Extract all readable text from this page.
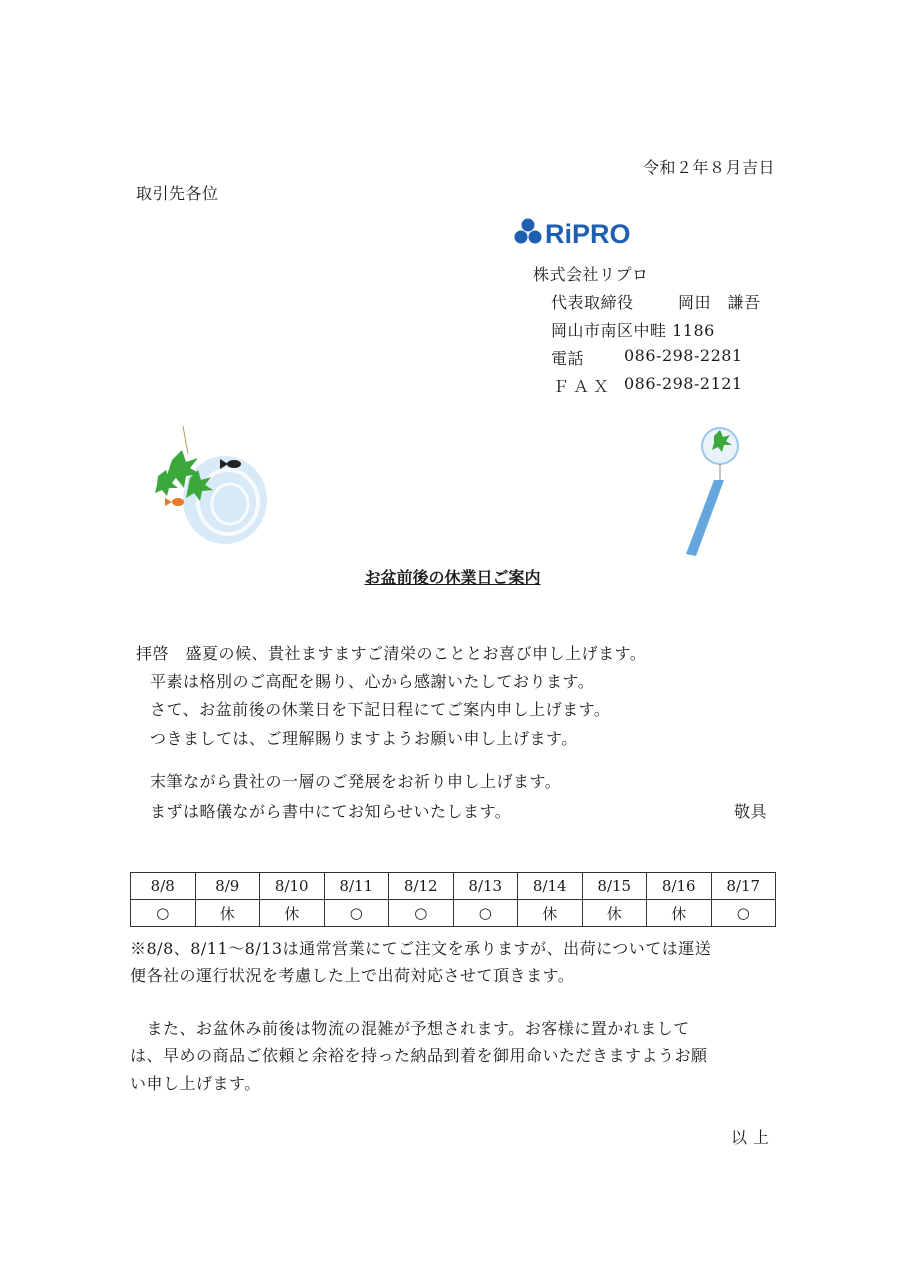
令和２年８月吉日
取引先各位
RiPRO
株式会社リプロ
代表取締役	岡田　謙吾
岡山市南区中畦 1186
電話 086-298-2281
ＦＡＸ 086-298-2121
お盆前後の休業日ご案内
拝啓　盛夏の候、貴社ますますご清栄のこととお喜び申し上げます。
平素は格別のご高配を賜り、心から感謝いたしております。
さて、お盆前後の休業日を下記日程にてご案内申し上げます。
つきましては、ご理解賜りますようお願い申し上げます。
末筆ながら貴社の一層のご発展をお祈り申し上げます。
まずは略儀ながら書中にてお知らせいたします。	敬具
8/8	8/9	8/10	8/11	8/12	8/13	8/14	8/15	8/16	8/17
○	休	休	○	○	○	休	休	休	○
※8/8、8/11～8/13は通常営業にてご注文を承りますが、出荷については運送
便各社の運行状況を考慮した上で出荷対応させて頂きます。
　また、お盆休み前後は物流の混雑が予想されます。お客様に置かれまして
は、早めの商品ご依頼と余裕を持った納品到着を御用命いただきますようお願
い申し上げます。
以上
